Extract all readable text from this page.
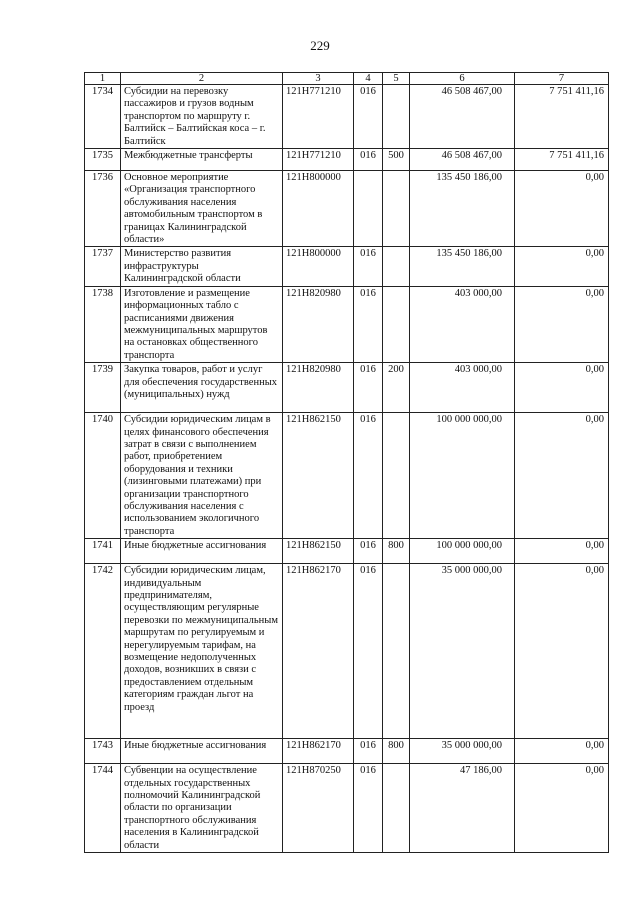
229
1	2	3	4	5	6	7
1734	Субсидии на перевозку пассажиров и грузов водным транспортом по маршруту г. Балтийск – Балтийская коса – г. Балтийск	121Н771210	016		46 508 467,00	7 751 411,16
1735	Межбюджетные трансферты	121Н771210	016	500	46 508 467,00	7 751 411,16
1736	Основное мероприятие «Организация транспортного обслуживания населения автомобильным транспортом в границах Калининградской области»	121Н800000			135 450 186,00	0,00
1737	Министерство развития инфраструктуры Калининградской области	121Н800000	016		135 450 186,00	0,00
1738	Изготовление и размещение информационных табло с расписаниями движения межмуниципальных маршрутов на остановках общественного транспорта	121Н820980	016		403 000,00	0,00
1739	Закупка товаров, работ и услуг для обеспечения государственных (муниципальных) нужд	121Н820980	016	200	403 000,00	0,00
1740	Субсидии юридическим лицам в целях финансового обеспечения затрат в связи с выполнением работ, приобретением оборудования и техники (лизинговыми платежами) при организации транспортного обслуживания населения с использованием экологичного транспорта	121Н862150	016		100 000 000,00	0,00
1741	Иные бюджетные ассигнования	121Н862150	016	800	100 000 000,00	0,00
1742	Субсидии юридическим лицам, индивидуальным предпринимателям, осуществляющим регулярные перевозки по межмуниципальным маршрутам по регулируемым и нерегулируемым тарифам, на возмещение недополученных доходов, возникших в связи с предоставлением отдельным категориям граждан льгот на проезд	121Н862170	016		35 000 000,00	0,00
1743	Иные бюджетные ассигнования	121Н862170	016	800	35 000 000,00	0,00
1744	Субвенции на осуществление отдельных государственных полномочий Калининградской области по организации транспортного обслуживания населения в Калининградской области	121Н870250	016		47 186,00	0,00
